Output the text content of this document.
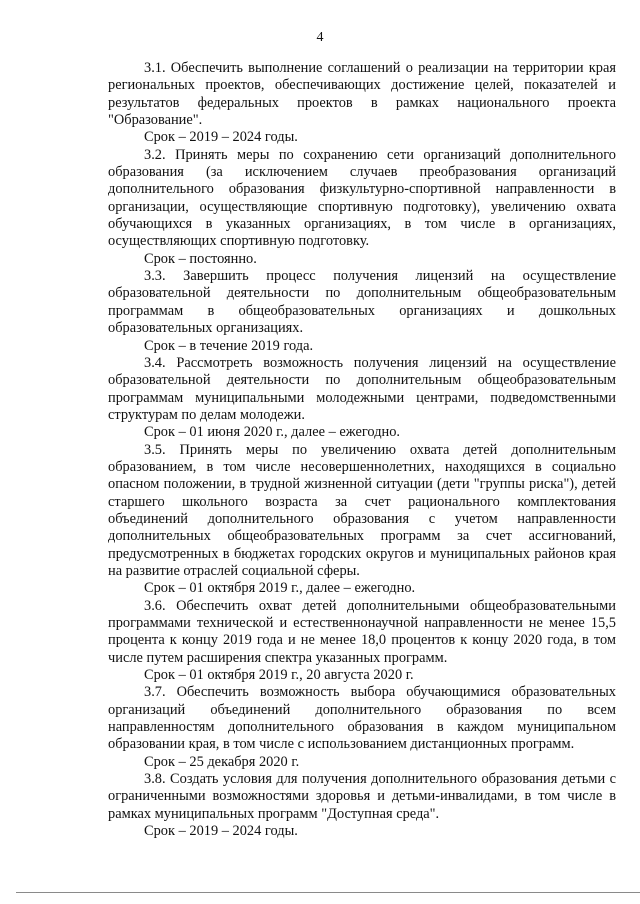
4

3.1. Обеспечить выполнение соглашений о реализации на территории края региональных проектов, обеспечивающих достижение целей, показателей и результатов федеральных проектов в рамках национального проекта "Образование".

Срок – 2019 – 2024 годы.

3.2. Принять меры по сохранению сети организаций дополнительного образования (за исключением случаев преобразования организаций дополнительного образования физкультурно-спортивной направленности в организации, осуществляющие спортивную подготовку), увеличению охвата обучающихся в указанных организациях, в том числе в организациях, осуществляющих спортивную подготовку.

Срок – постоянно.

3.3. Завершить процесс получения лицензий на осуществление образовательной деятельности по дополнительным общеобразовательным программам в общеобразовательных организациях и дошкольных образовательных организациях.

Срок – в течение 2019 года.

3.4. Рассмотреть возможность получения лицензий на осуществление образовательной деятельности по дополнительным общеобразовательным программам муниципальными молодежными центрами, подведомственными структурам по делам молодежи.

Срок – 01 июня 2020 г., далее – ежегодно.

3.5. Принять меры по увеличению охвата детей дополнительным образованием, в том числе несовершеннолетних, находящихся в социально опасном положении, в трудной жизненной ситуации (дети "группы риска"), детей старшего школьного возраста за счет рационального комплектования объединений дополнительного образования с учетом направленности дополнительных общеобразовательных программ за счет ассигнований, предусмотренных в бюджетах городских округов и муниципальных районов края на развитие отраслей социальной сферы.

Срок – 01 октября 2019 г., далее – ежегодно.

3.6. Обеспечить охват детей дополнительными общеобразовательными программами технической и естественнонаучной направленности не менее 15,5 процента к концу 2019 года и не менее 18,0 процентов к концу 2020 года, в том числе путем расширения спектра указанных программ.

Срок – 01 октября 2019 г., 20 августа 2020 г.

3.7. Обеспечить возможность выбора обучающимися образовательных организаций объединений дополнительного образования по всем направленностям дополнительного образования в каждом муниципальном образовании края, в том числе с использованием дистанционных программ.

Срок – 25 декабря 2020 г.

3.8. Создать условия для получения дополнительного образования детьми с ограниченными возможностями здоровья и детьми-инвалидами, в том числе в рамках муниципальных программ "Доступная среда".

Срок – 2019 – 2024 годы.
